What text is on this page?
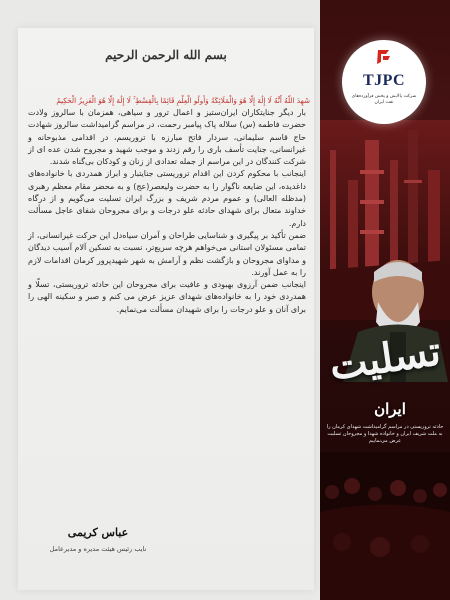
بسم الله الرحمن الرحیم
شَهِدَ اللَّهُ أَنَّهُ لَا إِلَٰهَ إِلَّا هُوَ وَالْمَلَائِكَةُ وَأُولُو الْعِلْمِ قَائِمًا بِالْقِسْطِ ۚ لَا إِلَٰهَ إِلَّا هُوَ الْعَزِيزُ الْحَكِيمُ

بار دیگر جنایتکاران ایران‌ستیز و اعمال ترور و سیاهی، همزمان با سالروز ولادت حضرت فاطمه (س) سلاله پاک پیامبر رحمت، در مراسم گرامیداشت سالروز شهادت حاج قاسم سلیمانی، سردار فاتح مبارزه با تروریسم، در اقدامی مذبوحانه و غیرانسانی، جنایت تأسف باری را رقم زدند و موجب شهید و مجروح شدن عده ای از شرکت کنندگان در این مراسم از جمله تعدادی از زنان و کودکان بی‌گناه شدند.

اینجانب با محکوم کردن این اقدام تروریستی جنایتبار و ابراز همدردی با خانواده‌های داغدیده، این ضایعه ناگوار را به حضرت ولیعصر(عج) و به محضر مقام معظم رهبری (مدظله العالی) و عموم مردم شریف و بزرگ ایران تسلیت می‌گویم و از درگاه خداوند متعال برای شهدای حادثه علو درجات و برای مجروحان شفای عاجل مسألت دارم.

ضمن تأکید بر پیگیری و شناسایی طراحان و آمران سیاه‌دل این حرکت غیرانسانی، از تمامی مسئولان استانی می‌خواهم هرچه سریع‌تر، نسبت به تسکین آلام آسیب دیدگان و مداوای مجروحان و بازگشت نظم و آرامش به شهر شهیدپرور کرمان اقدامات لازم را به عمل آورند.

اینجانب ضمن آرزوی بهبودی و عافیت برای مجروحان این حادثه تروریستی، تسلّا و همدردی خود را به خانواده‌های شهدای عزیز عرض می کنم و صبر و سکینه الهی را برای آنان و علو درجات را برای شهیدان مسألت می‌نمایم.

عباس کریمی
نایب رئیس هیئت مدیره و مدیرعامل
TJPC
شرکت پالایش و پخش فرآورده‌های نفت ایران
تسلیت
ایران
حادثه تروریستی در مراسم گرامیداشت شهدای کرمان را به ملت شریف ایران و خانواده شهدا و مجروحان تسلیت عرض می‌نماییم
